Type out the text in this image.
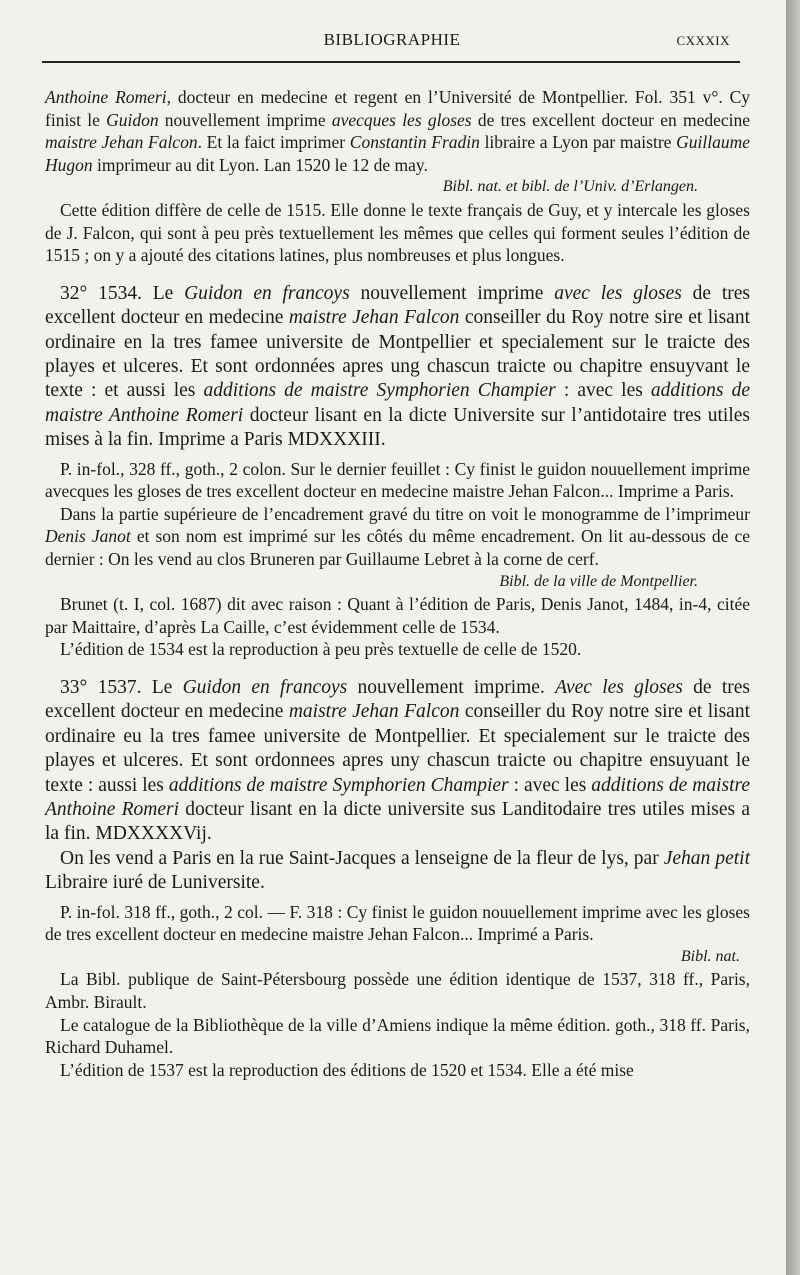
BIBLIOGRAPHIE	CXXXIX

Anthoine Romeri, docteur en medecine et regent en l’Université de Montpellier. Fol. 351 v°. Cy finist le Guidon nouvellement imprime avecques les gloses de tres excellent docteur en medecine maistre Jehan Falcon. Et la faict imprimer Constantin Fradin libraire a Lyon par maistre Guillaume Hugon imprimeur au dit Lyon. Lan 1520 le 12 de may.

Bibl. nat. et bibl. de l’Univ. d’Erlangen.

Cette édition diffère de celle de 1515. Elle donne le texte français de Guy, et y intercale les gloses de J. Falcon, qui sont à peu près textuellement les mêmes que celles qui forment seules l’édition de 1515 ; on y a ajouté des citations latines, plus nombreuses et plus longues.

32° 1534. Le Guidon en francoys nouvellement imprime avec les gloses de tres excellent docteur en medecine maistre Jehan Falcon conseiller du Roy notre sire et lisant ordinaire en la tres famee universite de Montpellier et specialement sur le traicte des playes et ulceres. Et sont ordonnées apres ung chascun traicte ou chapitre ensuyvant le texte : et aussi les additions de maistre Symphorien Champier : avec les additions de maistre Anthoine Romeri docteur lisant en la dicte Universite sur l’antidotaire tres utiles mises à la fin. Imprime a Paris MDXXXIII.

P. in-fol., 328 ff., goth., 2 colon. Sur le dernier feuillet : Cy finist le guidon nouuellement imprime avecques les gloses de tres excellent docteur en medecine maistre Jehan Falcon... Imprime a Paris.

Dans la partie supérieure de l’encadrement gravé du titre on voit le monogramme de l’imprimeur Denis Janot et son nom est imprimé sur les côtés du même encadrement. On lit au-dessous de ce dernier : On les vend au clos Bruneren par Guillaume Lebret à la corne de cerf.

Bibl. de la ville de Montpellier.

Brunet (t. I, col. 1687) dit avec raison : Quant à l’édition de Paris, Denis Janot, 1484, in-4, citée par Maittaire, d’après La Caille, c’est évidemment celle de 1534.

L’édition de 1534 est la reproduction à peu près textuelle de celle de 1520.

33° 1537. Le Guidon en francoys nouvellement imprime. Avec les gloses de tres excellent docteur en medecine maistre Jehan Falcon conseiller du Roy notre sire et lisant ordinaire eu la tres famee universite de Montpellier. Et specialement sur le traicte des playes et ulceres. Et sont ordonnees apres uny chascun traicte ou chapitre ensuyuant le texte : aussi les additions de maistre Symphorien Champier : avec les additions de maistre Anthoine Romeri docteur lisant en la dicte universite sus Landitodaire tres utiles mises a la fin. MDXXXXVij.

On les vend a Paris en la rue Saint-Jacques a lenseigne de la fleur de lys, par Jehan petit Libraire iuré de Luniversite.

P. in-fol. 318 ff., goth., 2 col. — F. 318 : Cy finist le guidon nouuellement imprime avec les gloses de tres excellent docteur en medecine maistre Jehan Falcon... Imprimé a Paris.

Bibl. nat.

La Bibl. publique de Saint-Pétersbourg possède une édition identique de 1537, 318 ff., Paris, Ambr. Birault.

Le catalogue de la Bibliothèque de la ville d’Amiens indique la même édition. goth., 318 ff. Paris, Richard Duhamel.

L’édition de 1537 est la reproduction des éditions de 1520 et 1534. Elle a été mise
